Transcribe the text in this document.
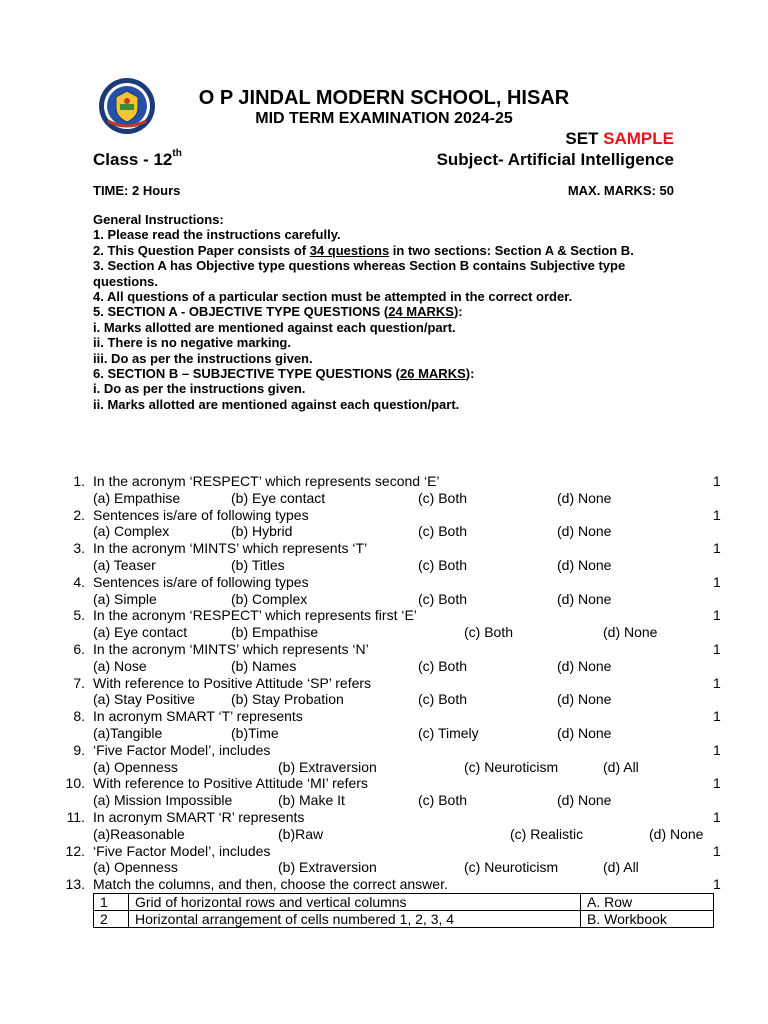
O P JINDAL MODERN SCHOOL, HISAR
MID TERM EXAMINATION 2024-25
SET SAMPLE
Class - 12th	Subject- Artificial Intelligence
TIME: 2 Hours	MAX. MARKS: 50
General Instructions:
1. Please read the instructions carefully.
2. This Question Paper consists of 34 questions in two sections: Section A & Section B.
3. Section A has Objective type questions whereas Section B contains Subjective type questions.
4. All questions of a particular section must be attempted in the correct order.
5. SECTION A - OBJECTIVE TYPE QUESTIONS (24 MARKS):
i. Marks allotted are mentioned against each question/part.
ii. There is no negative marking.
iii. Do as per the instructions given.
6. SECTION B – SUBJECTIVE TYPE QUESTIONS (26 MARKS):
i. Do as per the instructions given.
ii. Marks allotted are mentioned against each question/part.
1. In the acronym ‘RESPECT’ which represents second ‘E’	1
(a) Empathise	(b) Eye contact	(c) Both	(d) None
2. Sentences is/are of following types	1
(a) Complex	(b) Hybrid	(c) Both	(d) None
3. In the acronym ‘MINTS’ which represents ‘T’	1
(a) Teaser	(b) Titles	(c) Both	(d) None
4. Sentences is/are of following types	1
(a) Simple	(b) Complex	(c) Both	(d) None
5. In the acronym ‘RESPECT’ which represents first ‘E’	1
(a) Eye contact	(b) Empathise	(c) Both	(d) None
6. In the acronym ‘MINTS’ which represents ‘N’	1
(a) Nose	(b) Names	(c) Both	(d) None
7. With reference to Positive Attitude ‘SP’ refers	1
(a) Stay Positive	(b) Stay Probation	(c) Both	(d) None
8. In acronym SMART ‘T’ represents	1
(a)Tangible	(b)Time	(c) Timely	(d) None
9. ‘Five Factor Model’, includes	1
(a) Openness	(b) Extraversion	(c) Neuroticism	(d) All
10. With reference to Positive Attitude ‘MI’ refers	1
(a) Mission Impossible	(b) Make It	(c) Both	(d) None
11. In acronym SMART ‘R’ represents	1
(a)Reasonable	(b)Raw	(c) Realistic	(d) None
12. ‘Five Factor Model’, includes	1
(a) Openness	(b) Extraversion	(c) Neuroticism	(d) All
13. Match the columns, and then, choose the correct answer.	1
1	Grid of horizontal rows and vertical columns	A. Row
2	Horizontal arrangement of cells numbered 1, 2, 3, 4	B. Workbook
